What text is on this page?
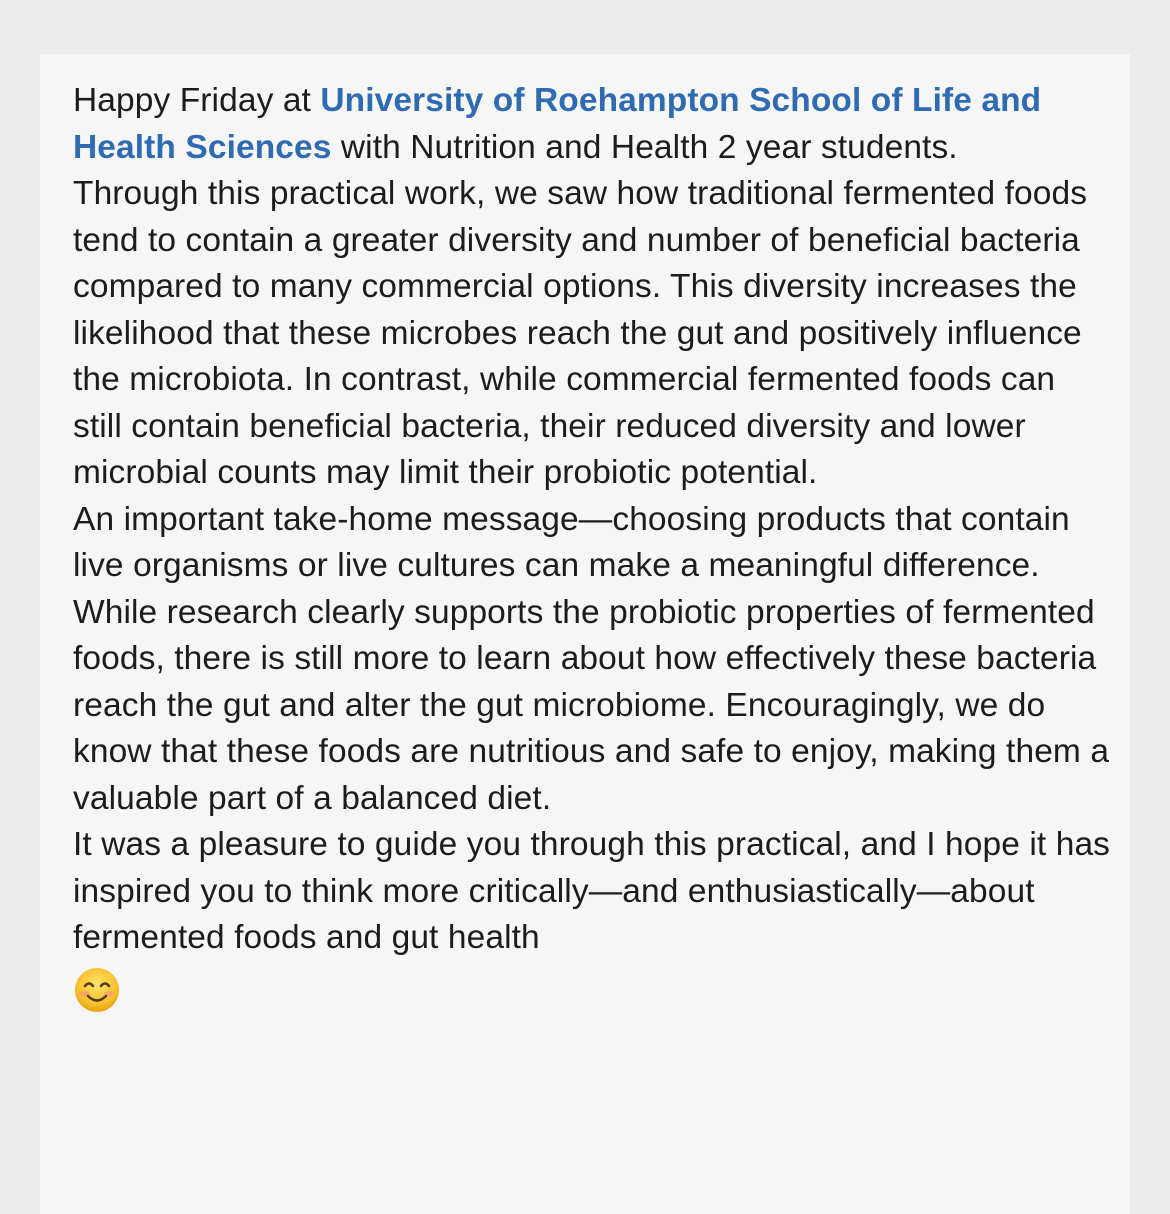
Happy Friday at University of Roehampton School of Life and Health Sciences with Nutrition and Health 2 year students.

Through this practical work, we saw how traditional fermented foods tend to contain a greater diversity and number of beneficial bacteria compared to many commercial options. This diversity increases the likelihood that these microbes reach the gut and positively influence the microbiota. In contrast, while commercial fermented foods can still contain beneficial bacteria, their reduced diversity and lower microbial counts may limit their probiotic potential.

An important take-home message—choosing products that contain live organisms or live cultures can make a meaningful difference. While research clearly supports the probiotic properties of fermented foods, there is still more to learn about how effectively these bacteria reach the gut and alter the gut microbiome. Encouragingly, we do know that these foods are nutritious and safe to enjoy, making them a valuable part of a balanced diet.

It was a pleasure to guide you through this practical, and I hope it has inspired you to think more critically—and enthusiastically—about fermented foods and gut health
